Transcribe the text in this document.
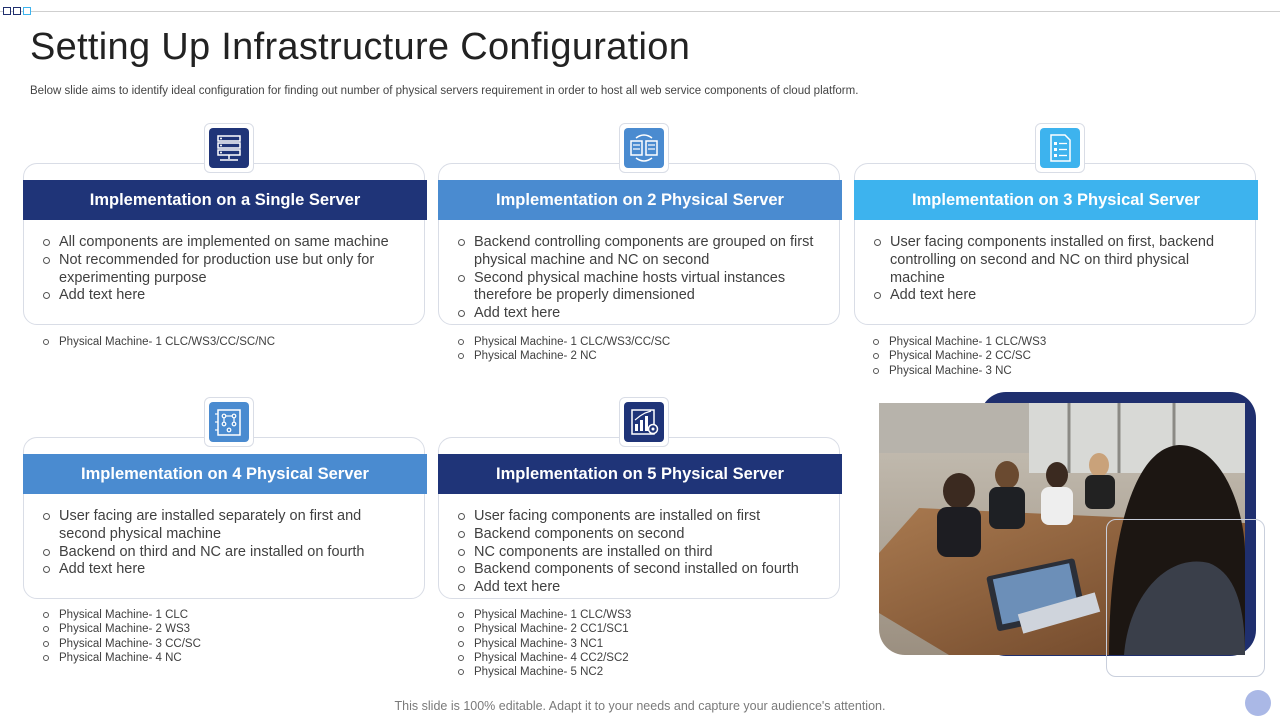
Setting Up Infrastructure Configuration
Below slide aims to identify ideal configuration for finding out number of physical servers requirement in order to host all web service components of cloud platform.
Implementation on a Single Server
All components are implemented on same machine
Not recommended for production use but only for experimenting purpose
Add text here
Physical Machine- 1 CLC/WS3/CC/SC/NC
Implementation on 2 Physical Server
Backend controlling components are grouped on first physical machine and NC on second
Second physical machine hosts virtual instances therefore be properly dimensioned
Add text here
Physical Machine- 1 CLC/WS3/CC/SC
Physical Machine- 2 NC
Implementation on 3 Physical Server
User facing components installed on first, backend controlling on second and NC on third physical machine
Add text here
Physical Machine- 1 CLC/WS3
Physical Machine- 2 CC/SC
Physical Machine- 3 NC
Implementation on 4 Physical Server
User facing are installed separately on first and second physical machine
Backend on third and NC are installed on fourth
Add text here
Physical Machine- 1 CLC
Physical Machine- 2 WS3
Physical Machine- 3 CC/SC
Physical Machine- 4 NC
Implementation on 5 Physical Server
User facing components are installed on first
Backend components on second
NC components are installed on third
Backend components of second installed on fourth
Add text here
Physical Machine- 1 CLC/WS3
Physical Machine- 2 CC1/SC1
Physical Machine- 3 NC1
Physical Machine- 4 CC2/SC2
Physical Machine- 5 NC2
This slide is 100% editable. Adapt it to your needs and capture your audience's attention.
